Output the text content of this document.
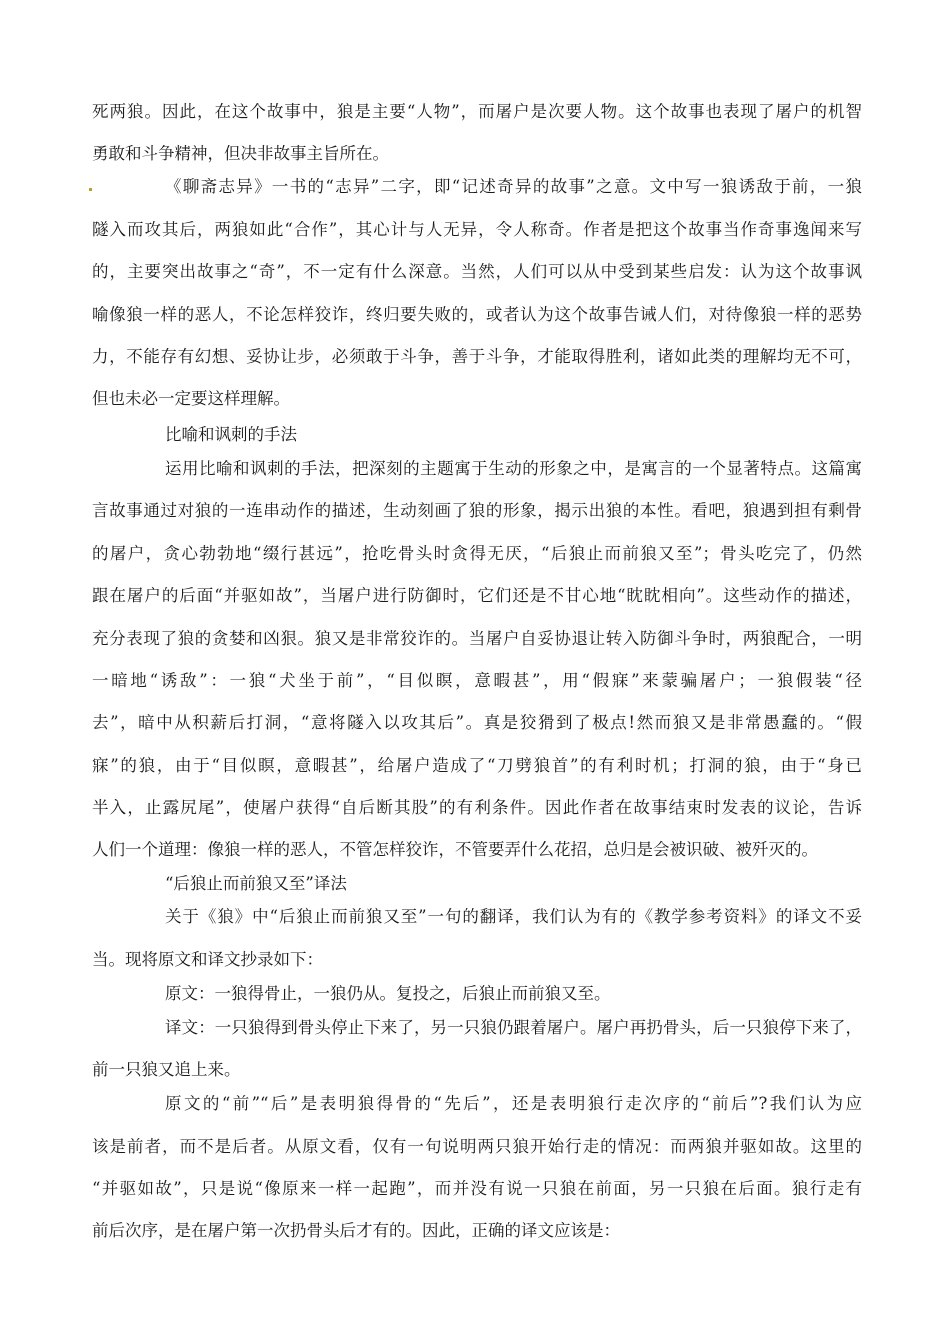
死两狼。因此，在这个故事中，狼是主要“人物”，而屠户是次要人物。这个故事也表现了屠户的机智
勇敢和斗争精神，但决非故事主旨所在。
《聊斋志异》一书的“志异”二字，即“记述奇异的故事”之意。文中写一狼诱敌于前，一狼
隧入而攻其后，两狼如此“合作”，其心计与人无异，令人称奇。作者是把这个故事当作奇事逸闻来写
的，主要突出故事之“奇”，不一定有什么深意。当然，人们可以从中受到某些启发：认为这个故事讽
喻像狼一样的恶人，不论怎样狡诈，终归要失败的，或者认为这个故事告诫人们，对待像狼一样的恶势
力，不能存有幻想、妥协让步，必须敢于斗争，善于斗争，才能取得胜利，诸如此类的理解均无不可，
但也未必一定要这样理解。
比喻和讽刺的手法
运用比喻和讽刺的手法，把深刻的主题寓于生动的形象之中，是寓言的一个显著特点。这篇寓
言故事通过对狼的一连串动作的描述，生动刻画了狼的形象，揭示出狼的本性。看吧，狼遇到担有剩骨
的屠户，贪心勃勃地“缀行甚远”，抢吃骨头时贪得无厌，“后狼止而前狼又至”；骨头吃完了，仍然
跟在屠户的后面“并驱如故”，当屠户进行防御时，它们还是不甘心地“眈眈相向”。这些动作的描述，
充分表现了狼的贪婪和凶狠。狼又是非常狡诈的。当屠户自妥协退让转入防御斗争时，两狼配合，一明
一暗地“诱敌”：一狼“犬坐于前”，“目似瞑，意暇甚”，用“假寐”来蒙骗屠户；一狼假装“径
去”，暗中从积薪后打洞，“意将隧入以攻其后”。真是狡猾到了极点!然而狼又是非常愚蠢的。“假
寐”的狼，由于“目似瞑，意暇甚”，给屠户造成了“刀劈狼首”的有利时机；打洞的狼，由于“身已
半入，止露尻尾”，使屠户获得“自后断其股”的有利条件。因此作者在故事结束时发表的议论，告诉
人们一个道理：像狼一样的恶人，不管怎样狡诈，不管要弄什么花招，总归是会被识破、被歼灭的。
“后狼止而前狼又至”译法
关于《狼》中“后狼止而前狼又至”一句的翻译，我们认为有的《教学参考资料》的译文不妥
当。现将原文和译文抄录如下：
原文：一狼得骨止，一狼仍从。复投之，后狼止而前狼又至。
译文：一只狼得到骨头停止下来了，另一只狼仍跟着屠户。屠户再扔骨头，后一只狼停下来了，
前一只狼又追上来。
原文的“前”“后”是表明狼得骨的“先后”，还是表明狼行走次序的“前后”?我们认为应
该是前者，而不是后者。从原文看，仅有一句说明两只狼开始行走的情况：而两狼并驱如故。这里的
“并驱如故”，只是说“像原来一样一起跑”，而并没有说一只狼在前面，另一只狼在后面。狼行走有
前后次序，是在屠户第一次扔骨头后才有的。因此，正确的译文应该是：
